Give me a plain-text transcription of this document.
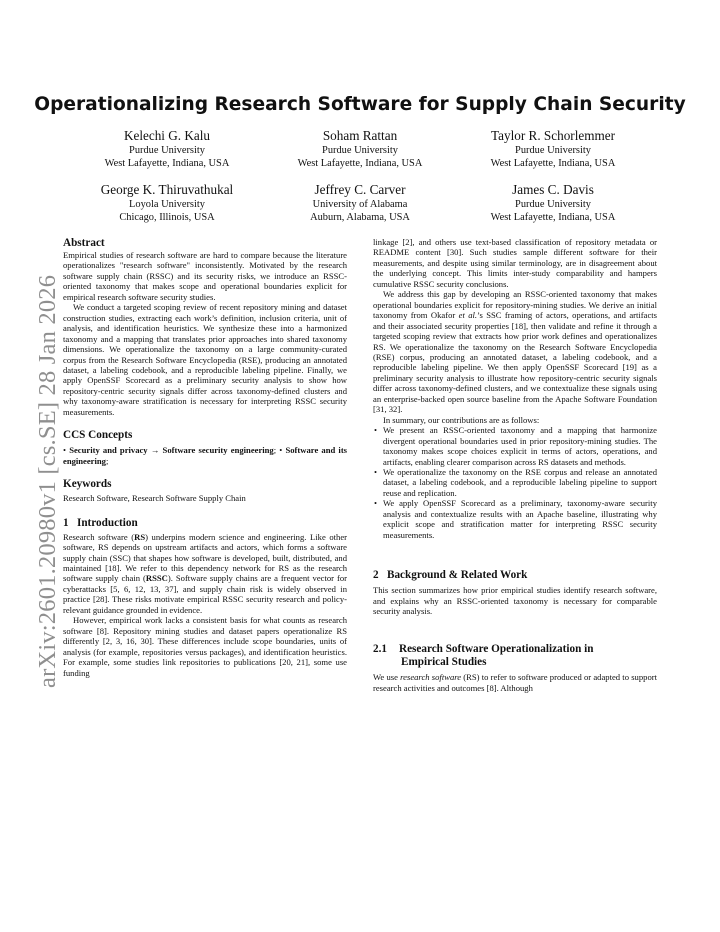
arXiv:2601.20980v1 [cs.SE] 28 Jan 2026
Operationalizing Research Software for Supply Chain Security
Kelechi G. Kalu
Purdue University
West Lafayette, Indiana, USA
Soham Rattan
Purdue University
West Lafayette, Indiana, USA
Taylor R. Schorlemmer
Purdue University
West Lafayette, Indiana, USA
George K. Thiruvathukal
Loyola University
Chicago, Illinois, USA
Jeffrey C. Carver
University of Alabama
Auburn, Alabama, USA
James C. Davis
Purdue University
West Lafayette, Indiana, USA
Abstract

Empirical studies of research software are hard to compare because the literature operationalizes "research software" inconsistently. Motivated by the research software supply chain (RSSC) and its security risks, we introduce an RSSC-oriented taxonomy that makes scope and operational boundaries explicit for empirical research software security studies.

We conduct a targeted scoping review of recent repository mining and dataset construction studies, extracting each work’s definition, inclusion criteria, unit of analysis, and identification heuristics. We synthesize these into a harmonized taxonomy and a mapping that translates prior approaches into shared taxonomy dimensions. We operationalize the taxonomy on a large community-curated corpus from the Research Software Encyclopedia (RSE), producing an annotated dataset, a labeling codebook, and a reproducible labeling pipeline. Finally, we apply OpenSSF Scorecard as a preliminary security analysis to show how repository-centric security signals differ across taxonomy-defined clusters and why taxonomy-aware stratification is necessary for interpreting RSSC security measurements.

CCS Concepts

• Security and privacy → Software security engineering; • Software and its engineering;

Keywords

Research Software, Research Software Supply Chain

1   Introduction

Research software (RS) underpins modern science and engineering. Like other software, RS depends on upstream artifacts and actors, which forms a software supply chain (SSC) that shapes how software is developed, built, distributed, and maintained [18]. We refer to this dependency network for RS as the research software supply chain (RSSC). Software supply chains are a frequent vector for cyberattacks [5, 6, 12, 13, 37], and supply chain risk is widely observed in practice [28]. These risks motivate empirical RSSC security research and policy-relevant guidance grounded in evidence.

However, empirical work lacks a consistent basis for what counts as research software [8]. Repository mining studies and dataset papers operationalize RS differently [2, 3, 16, 30]. These differences include scope boundaries, units of analysis (for example, repositories versus packages), and identification heuristics. For example, some studies link repositories to publications [20, 21], some use funding

linkage [2], and others use text-based classification of repository metadata or README content [30]. Such studies sample different software for their measurements, and despite using similar terminology, are in disagreement about the underlying concept. This limits inter-study comparability and hampers cumulative RSSC security conclusions.

We address this gap by developing an RSSC-oriented taxonomy that makes operational boundaries explicit for repository-mining studies. We derive an initial taxonomy from Okafor et al.’s SSC framing of actors, operations, and artifacts and their associated security properties [18], then validate and refine it through a targeted scoping review that extracts how prior work defines and operationalizes RS. We operationalize the taxonomy on the Research Software Encyclopedia (RSE) corpus, producing an annotated dataset, a labeling codebook, and a reproducible labeling pipeline. We then apply OpenSSF Scorecard [19] as a preliminary security analysis to illustrate how repository-centric security signals differ across taxonomy-defined clusters, and we contextualize these signals using an enterprise-backed open source baseline from the Apache Software Foundation [31, 32].

In summary, our contributions are as follows:

• We present an RSSC-oriented taxonomy and a mapping that harmonize divergent operational boundaries used in prior repository-mining studies. The taxonomy makes scope choices explicit in terms of actors, operations, and artifacts, enabling clearer comparison across RS datasets and methods.
• We operationalize the taxonomy on the RSE corpus and release an annotated dataset, a labeling codebook, and a reproducible labeling pipeline to support reuse and replication.
• We apply OpenSSF Scorecard as a preliminary, taxonomy-aware security analysis and contextualize results with an Apache baseline, illustrating why explicit scope and stratification matter for interpreting RSSC security measurements.
2   Background & Related Work

This section summarizes how prior empirical studies identify research software, and explains why an RSSC-oriented taxonomy is necessary for comparable security analysis.

2.1 Research Software Operationalization in
Empirical Studies

We use research software (RS) to refer to software produced or adapted to support research activities and outcomes [8]. Although
